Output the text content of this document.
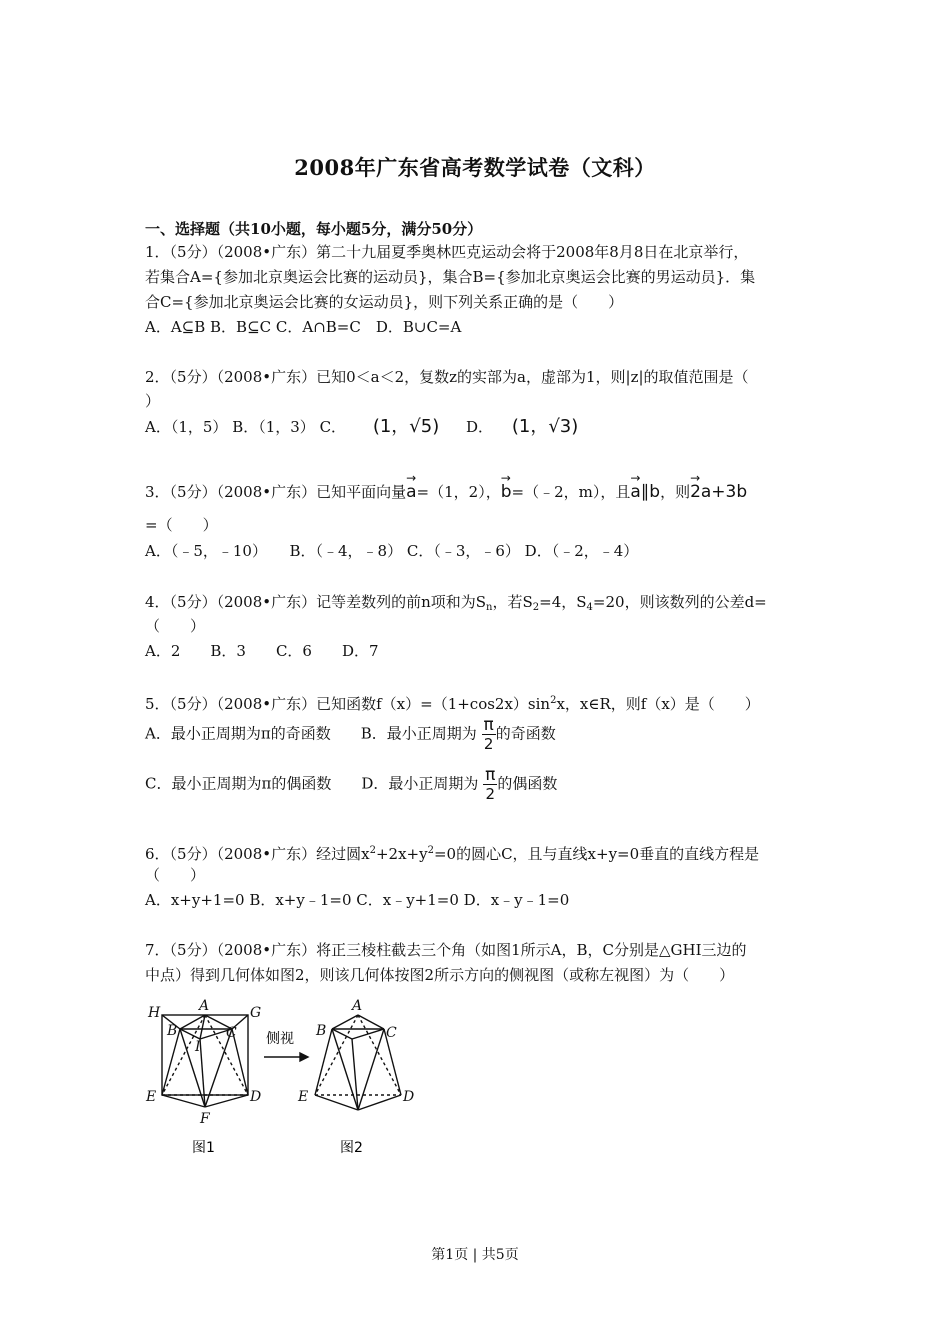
2008年广东省高考数学试卷（文科）
一、选择题（共10小题，每小题5分，满分50分）
1．（5分）（2008•广东）第二十九届夏季奥林匹克运动会将于2008年8月8日在北京举行，
若集合A={参加北京奥运会比赛的运动员}，集合B={参加北京奥运会比赛的男运动员}．集
合C={参加北京奥运会比赛的女运动员}，则下列关系正确的是（　　）
A．A⊆B B．B⊆C C．A∩B=C　D．B∪C=A
2．（5分）（2008•广东）已知0＜a＜2，复数z的实部为a，虚部为1，则|z|的取值范围是（
）
A．（1，5） B．（1，3） C． (1，√5) D． (1，√3)
3．（5分）（2008•广东）已知平面向量→ a=（1，2），→ b=（﹣2，m），且→ a∥b，则→ 2a+3b
=（　　）
A．（﹣5，﹣10）　　B．（﹣4，﹣8） C．（﹣3，﹣6） D．（﹣2，﹣4）
4．（5分）（2008•广东）记等差数列的前n项和为$S_n$，若$S_2=4$，$S_4=20$，则该数列的公差d=
（　　）
A．2　　B．3　　C．6　　D．7
5．（5分）（2008•广东）已知函数$f(x)=(1+\cos 2x)\sin^2x$，x∈R，则f（x）是（　　）
A．最小正周期为π的奇函数　　B．最小正周期为 $\frac{\pi}{2}$ 的奇函数
C．最小正周期为π的偶函数　　D．最小正周期为 $\frac{\pi}{2}$ 的偶函数
6．（5分）（2008•广东）经过圆$x^2+2x+y^2=0$的圆心C，且与直线x+y=0垂直的直线方程是
（　　）
A．x+y+1=0 B．x+y﹣1=0 C．x﹣y+1=0 D．x﹣y﹣1=0
7．（5分）（2008•广东）将正三棱柱截去三个角（如图1所示A，B，C分别是△GHI三边的
中点）得到几何体如图2，则该几何体按图2所示方向的侧视图（或称左视图）为（　　）
H	A	G
B	C
I
E	D
F
A
B	C
E	D
侧视
图1	图2
第1页 | 共5页
